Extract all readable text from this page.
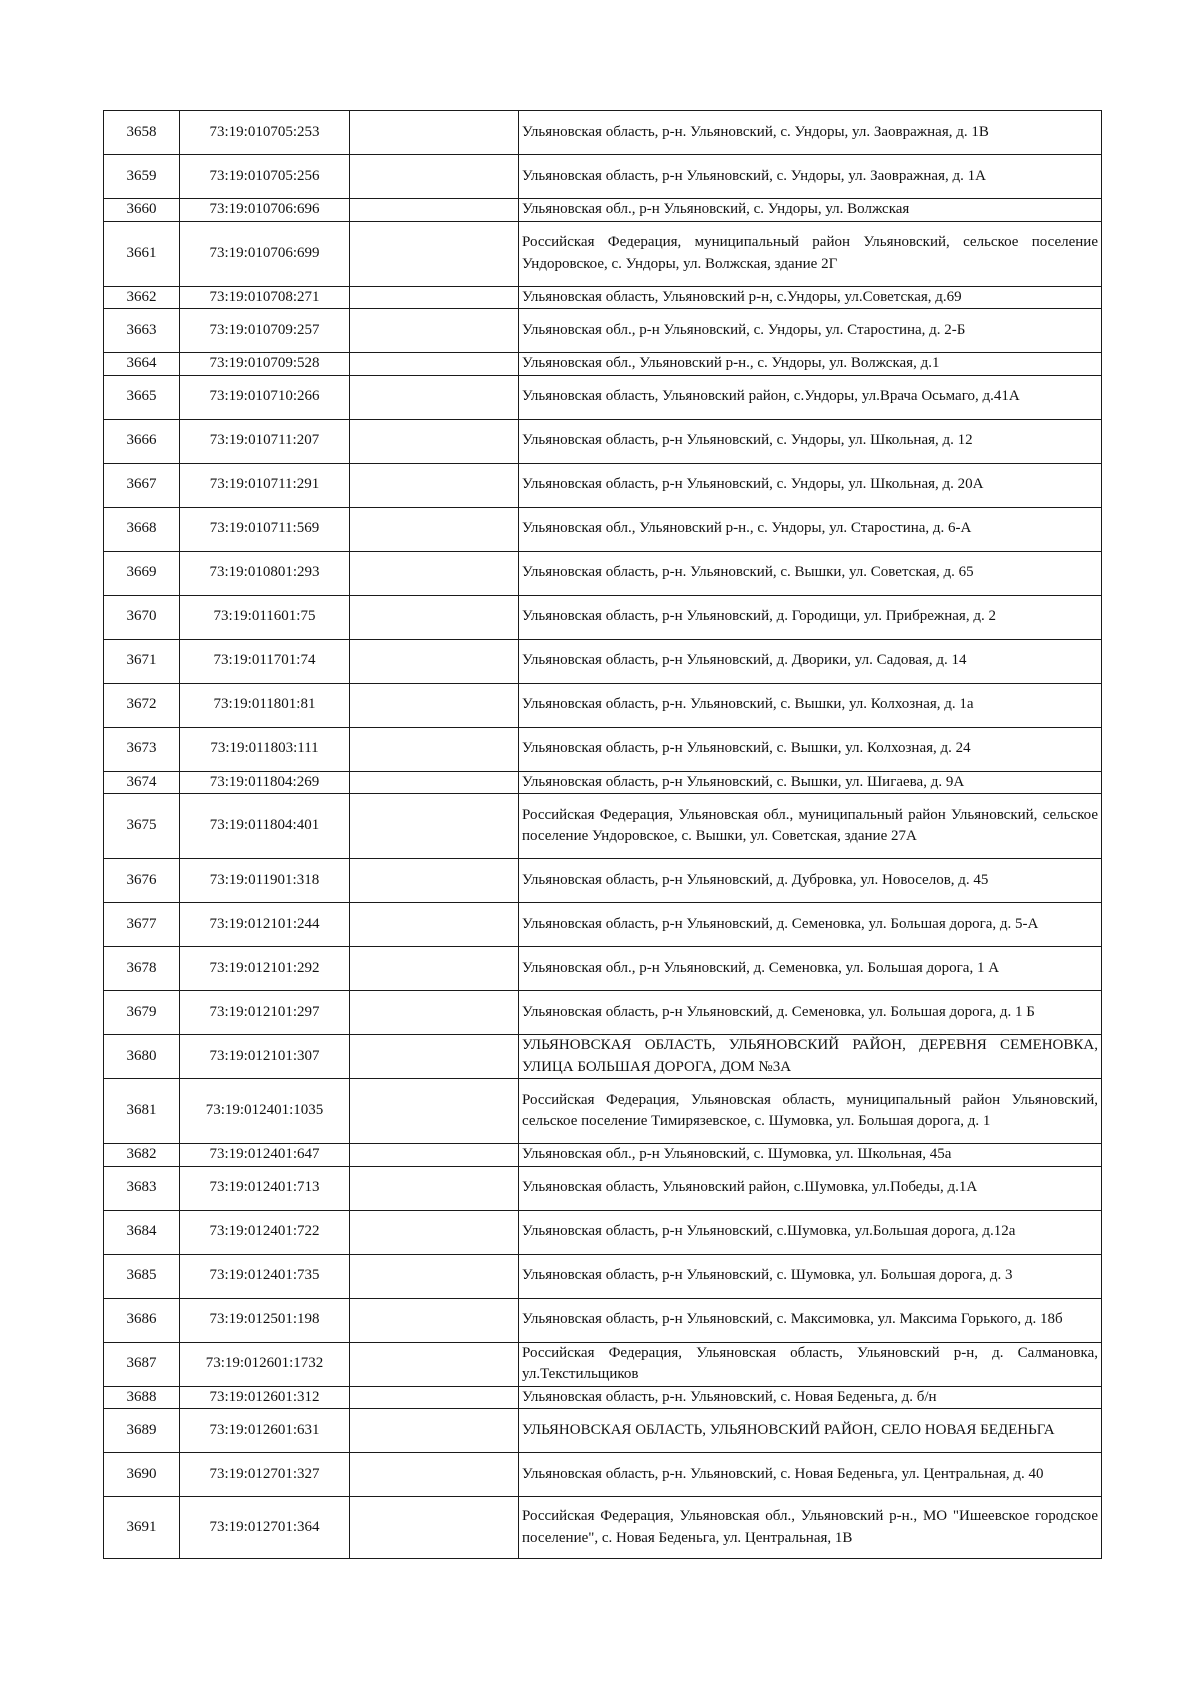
3658	73:19:010705:253		Ульяновская область, р-н. Ульяновский, с. Ундоры, ул. Заовражная, д. 1В
3659	73:19:010705:256		Ульяновская область, р-н Ульяновский, с. Ундоры, ул. Заовражная, д. 1А
3660	73:19:010706:696		Ульяновская обл., р-н Ульяновский, с. Ундоры, ул. Волжская
3661	73:19:010706:699		Российская Федерация, муниципальный район Ульяновский, сельское поселение Ундоровское, с. Ундоры, ул. Волжская, здание 2Г
3662	73:19:010708:271		Ульяновская область, Ульяновский р-н, с.Ундоры, ул.Советская, д.69
3663	73:19:010709:257		Ульяновская обл., р-н Ульяновский, с. Ундоры, ул. Старостина, д. 2-Б
3664	73:19:010709:528		Ульяновская обл., Ульяновский р-н., с. Ундоры, ул. Волжская, д.1
3665	73:19:010710:266		Ульяновская область, Ульяновский район, с.Ундоры, ул.Врача Осьмаго, д.41А
3666	73:19:010711:207		Ульяновская область, р-н Ульяновский, с. Ундоры, ул. Школьная, д. 12
3667	73:19:010711:291		Ульяновская область, р-н Ульяновский, с. Ундоры, ул. Школьная, д. 20А
3668	73:19:010711:569		Ульяновская обл., Ульяновский р-н., с. Ундоры, ул. Старостина, д. 6-А
3669	73:19:010801:293		Ульяновская область, р-н. Ульяновский, с. Вышки, ул. Советская, д. 65
3670	73:19:011601:75		Ульяновская область, р-н Ульяновский, д. Городищи, ул. Прибрежная, д. 2
3671	73:19:011701:74		Ульяновская область, р-н Ульяновский, д. Дворики, ул. Садовая, д. 14
3672	73:19:011801:81		Ульяновская область, р-н. Ульяновский, с. Вышки, ул. Колхозная, д. 1а
3673	73:19:011803:111		Ульяновская область, р-н Ульяновский, с. Вышки, ул. Колхозная, д. 24
3674	73:19:011804:269		Ульяновская область, р-н Ульяновский, с. Вышки, ул. Шигаева, д. 9А
3675	73:19:011804:401		Российская Федерация, Ульяновская обл., муниципальный район Ульяновский, сельское поселение Ундоровское, с. Вышки, ул. Советская, здание 27А
3676	73:19:011901:318		Ульяновская область, р-н Ульяновский, д. Дубровка, ул. Новоселов, д. 45
3677	73:19:012101:244		Ульяновская область, р-н Ульяновский, д. Семеновка, ул. Большая дорога, д. 5-А
3678	73:19:012101:292		Ульяновская обл., р-н Ульяновский, д. Семеновка, ул. Большая дорога, 1 А
3679	73:19:012101:297		Ульяновская область, р-н Ульяновский, д. Семеновка, ул. Большая дорога, д. 1 Б
3680	73:19:012101:307		УЛЬЯНОВСКАЯ ОБЛАСТЬ, УЛЬЯНОВСКИЙ РАЙОН, ДЕРЕВНЯ СЕМЕНОВКА, УЛИЦА БОЛЬШАЯ ДОРОГА, ДОМ №3А
3681	73:19:012401:1035		Российская Федерация, Ульяновская область, муниципальный район Ульяновский, сельское поселение Тимирязевское, с. Шумовка, ул. Большая дорога, д. 1
3682	73:19:012401:647		Ульяновская обл., р-н Ульяновский, с. Шумовка, ул. Школьная, 45а
3683	73:19:012401:713		Ульяновская область, Ульяновский район, с.Шумовка, ул.Победы, д.1А
3684	73:19:012401:722		Ульяновская область, р-н Ульяновский, с.Шумовка, ул.Большая дорога, д.12а
3685	73:19:012401:735		Ульяновская область, р-н Ульяновский, с. Шумовка, ул. Большая дорога, д. 3
3686	73:19:012501:198		Ульяновская область, р-н Ульяновский, с. Максимовка, ул. Максима Горького, д. 18б
3687	73:19:012601:1732		Российская Федерация, Ульяновская область, Ульяновский р-н, д. Салмановка, ул.Текстильщиков
3688	73:19:012601:312		Ульяновская область, р-н. Ульяновский, с. Новая Беденьга, д. б/н
3689	73:19:012601:631		УЛЬЯНОВСКАЯ ОБЛАСТЬ, УЛЬЯНОВСКИЙ РАЙОН, СЕЛО НОВАЯ БЕДЕНЬГА
3690	73:19:012701:327		Ульяновская область, р-н. Ульяновский, с. Новая Беденьга, ул. Центральная, д. 40
3691	73:19:012701:364		Российская Федерация, Ульяновская обл., Ульяновский р-н., МО "Ишеевское городское поселение", с. Новая Беденьга, ул. Центральная, 1В
